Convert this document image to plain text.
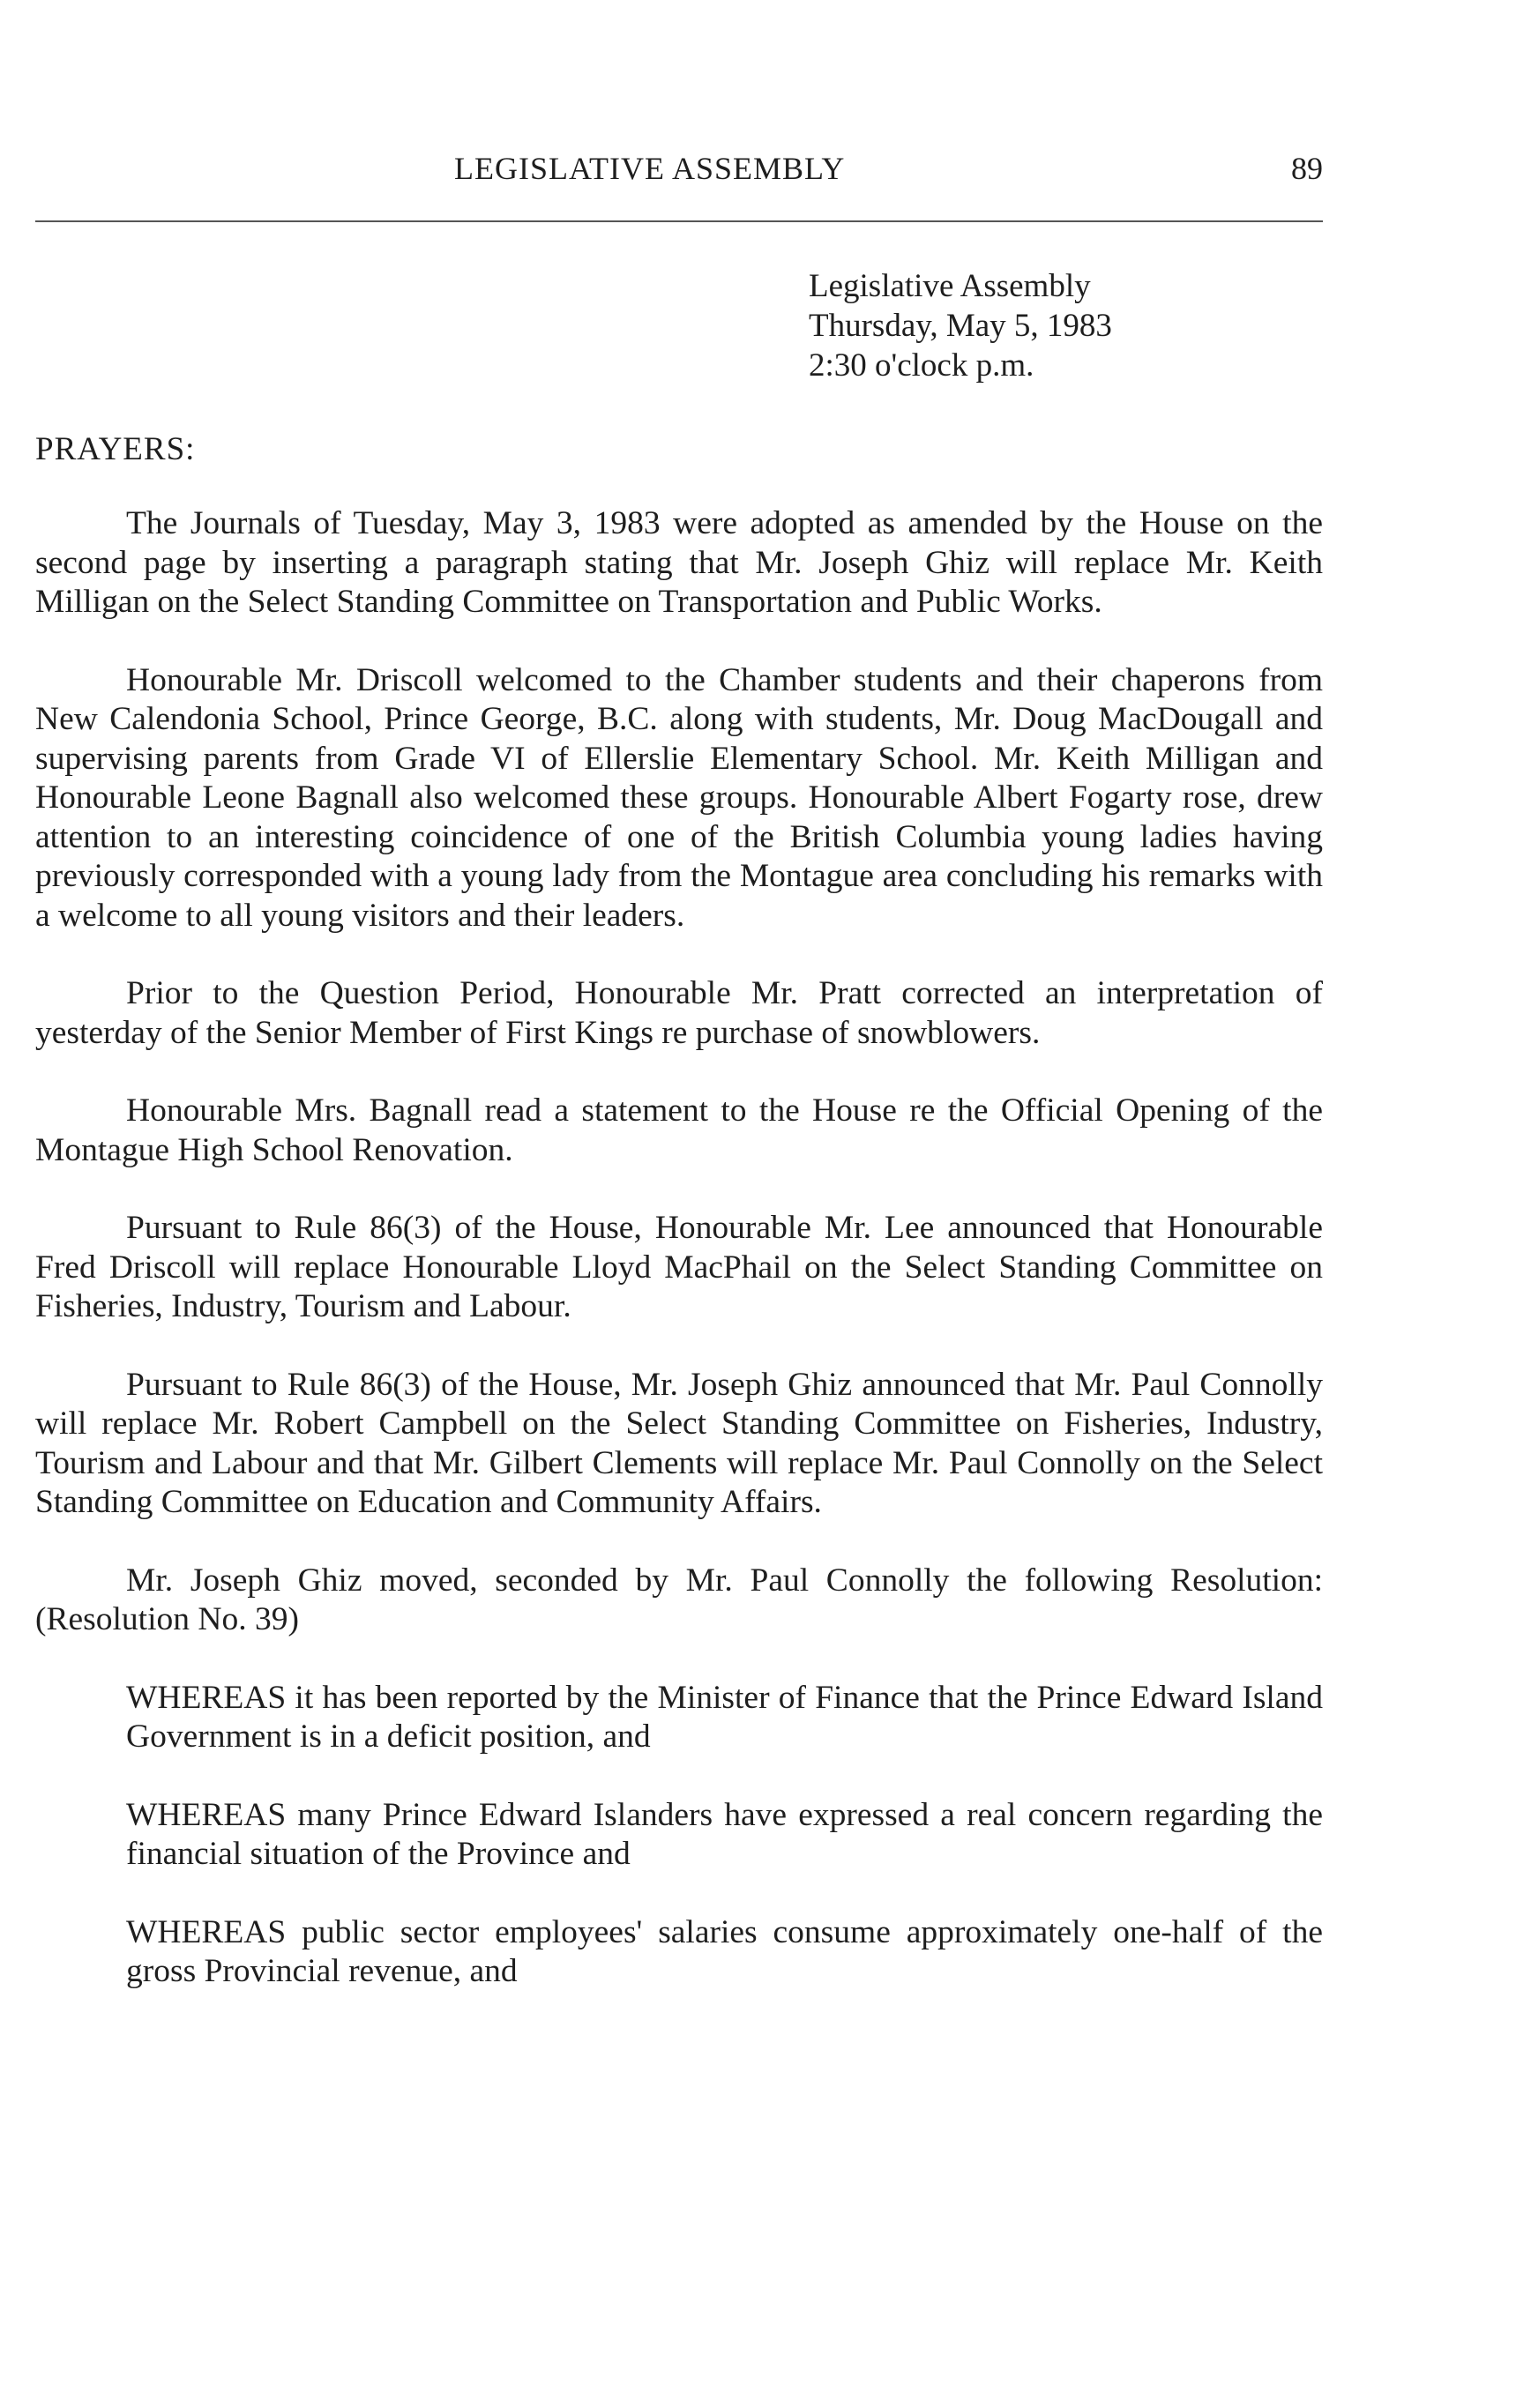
LEGISLATIVE ASSEMBLY	89
Legislative Assembly
Thursday, May 5, 1983
2:30 o'clock p.m.
PRAYERS:

The Journals of Tuesday, May 3, 1983 were adopted as amended by the House on the second page by inserting a paragraph stating that Mr. Joseph Ghiz will replace Mr. Keith Milligan on the Select Standing Committee on Transportation and Public Works.

Honourable Mr. Driscoll welcomed to the Chamber students and their chaperons from New Calendonia School, Prince George, B.C. along with students, Mr. Doug MacDougall and supervising parents from Grade VI of Ellerslie Elementary School. Mr. Keith Milligan and Honourable Leone Bagnall also welcomed these groups. Honourable Albert Fogarty rose, drew attention to an interesting coincidence of one of the British Columbia young ladies having previously corresponded with a young lady from the Montague area concluding his remarks with a welcome to all young visitors and their leaders.

Prior to the Question Period, Honourable Mr. Pratt corrected an interpretation of yesterday of the Senior Member of First Kings re purchase of snowblowers.

Honourable Mrs. Bagnall read a statement to the House re the Official Opening of the Montague High School Renovation.

Pursuant to Rule 86(3) of the House, Honourable Mr. Lee announced that Honourable Fred Driscoll will replace Honourable Lloyd MacPhail on the Select Standing Committee on Fisheries, Industry, Tourism and Labour.

Pursuant to Rule 86(3) of the House, Mr. Joseph Ghiz announced that Mr. Paul Connolly will replace Mr. Robert Campbell on the Select Standing Committee on Fisheries, Industry, Tourism and Labour and that Mr. Gilbert Clements will replace Mr. Paul Connolly on the Select Standing Committee on Education and Community Affairs.

Mr. Joseph Ghiz moved, seconded by Mr. Paul Connolly the following Resolution: (Resolution No. 39)

WHEREAS it has been reported by the Minister of Finance that the Prince Edward Island Government is in a deficit position, and

WHEREAS many Prince Edward Islanders have expressed a real concern regarding the financial situation of the Province and

WHEREAS public sector employees' salaries consume approximately one-half of the gross Provincial revenue, and
